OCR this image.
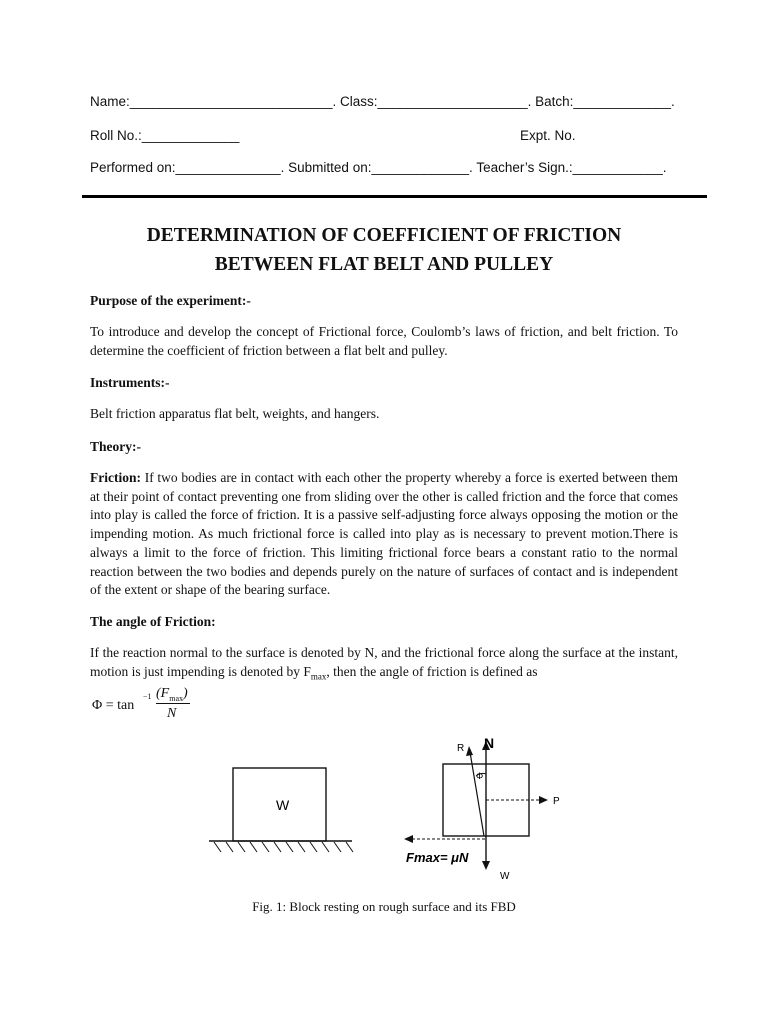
Name:___________________________. Class:____________________. Batch:_____________.
Roll No.:_____________	Expt. No.
Performed on:______________. Submitted on:_____________. Teacher’s Sign.:____________.
DETERMINATION OF COEFFICIENT OF FRICTION
BETWEEN FLAT BELT AND PULLEY
Purpose of the experiment:-
To introduce and develop the concept of Frictional force, Coulomb’s laws of friction, and belt friction. To determine the coefficient of friction between a flat belt and pulley.
Instruments:-
Belt friction apparatus flat belt, weights, and hangers.
Theory:-
Friction: If two bodies are in contact with each other the property whereby a force is exerted between them at their point of contact preventing one from sliding over the other is called friction and the force that comes into play is called the force of friction. It is a passive self-adjusting force always opposing the motion or the impending motion. As much frictional force is called into play as is necessary to prevent motion.There is always a limit to the force of friction. This limiting frictional force bears a constant ratio to the normal reaction between the two bodies and depends purely on the nature of surfaces of contact and is independent of the extent or shape of the bearing surface.
The angle of Friction:
If the reaction normal to the surface is denoted by N, and the frictional force along the surface at the instant, motion is just impending is denoted by $F_{max}$, then the angle of friction is defined as
Φ = tan
−1 $(F_{max})$
N
W
R N
Φ
P
W
Fmax= μN
Fig. 1: Block resting on rough surface and its FBD
